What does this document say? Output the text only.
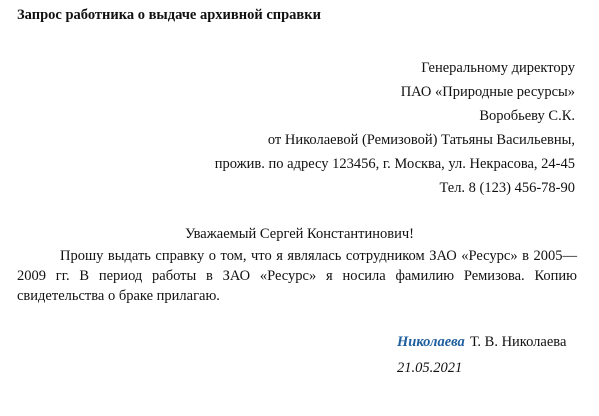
Запрос работника о выдаче архивной справки
Генеральному директору
ПАО «Природные ресурсы»
Воробьеву С.К.
от Николаевой (Ремизовой) Татьяны Васильевны,
прожив. по адресу 123456, г. Москва, ул. Некрасова, 24-45
Тел. 8 (123) 456-78-90
Уважаемый Сергей Константинович!

Прошу выдать справку о том, что я являлась сотрудником ЗАО «Ресурс» в 2005—2009 гг. В период работы в ЗАО «Ресурс» я носила фамилию Ремизова. Копию свидетельства о браке прилагаю.

Николаева Т. В. Николаева
21.05.2021
